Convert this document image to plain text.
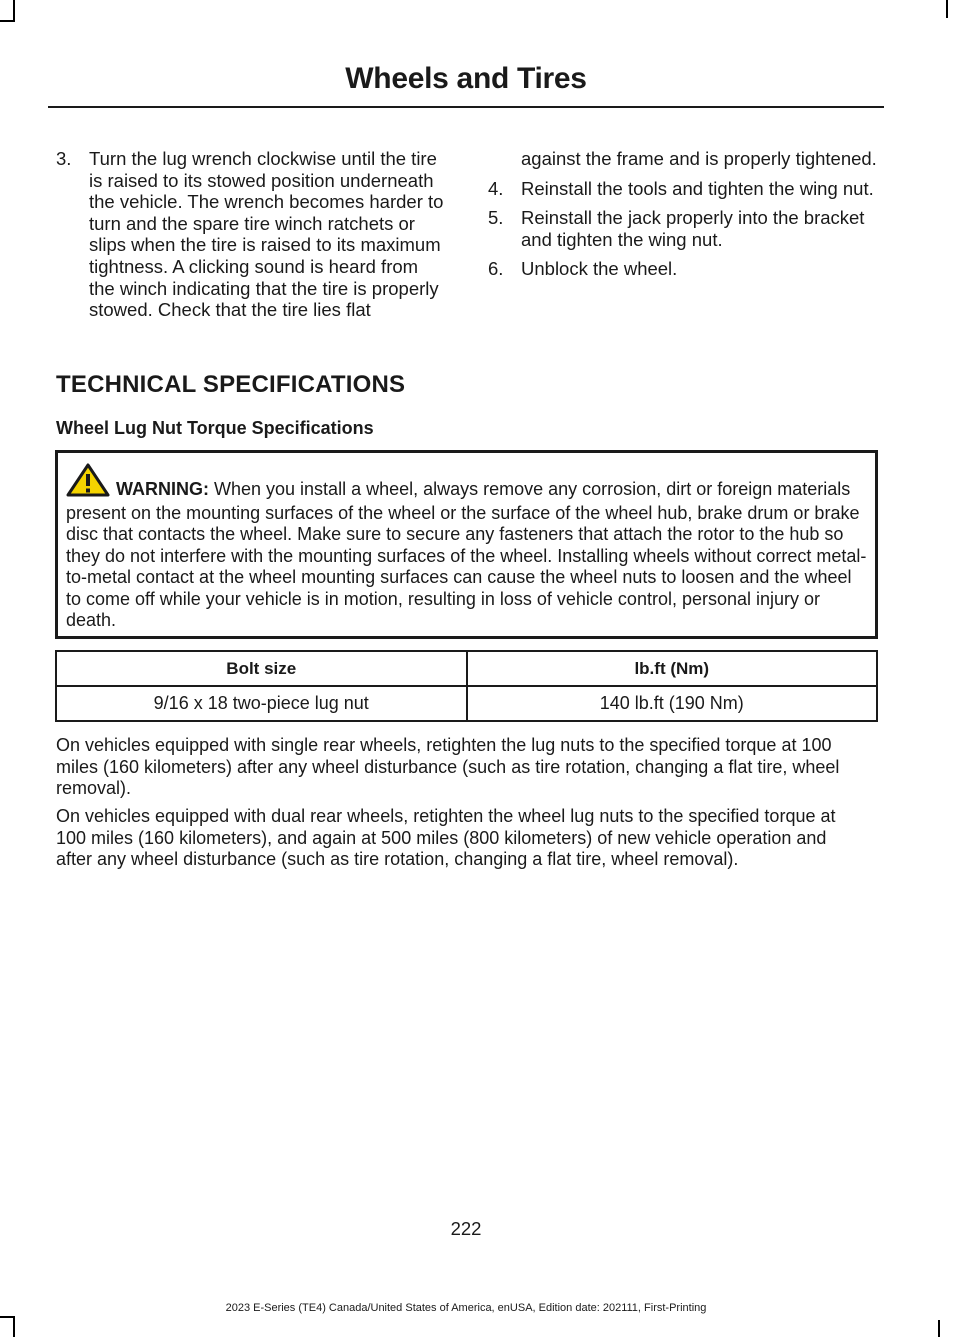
Wheels and Tires
3. Turn the lug wrench clockwise until the tire is raised to its stowed position underneath the vehicle. The wrench becomes harder to turn and the spare tire winch ratchets or slips when the tire is raised to its maximum tightness. A clicking sound is heard from the winch indicating that the tire is properly stowed. Check that the tire lies flat
against the frame and is properly tightened.
4. Reinstall the tools and tighten the wing nut.
5. Reinstall the jack properly into the bracket and tighten the wing nut.
6. Unblock the wheel.
TECHNICAL SPECIFICATIONS
Wheel Lug Nut Torque Specifications
WARNING: When you install a wheel, always remove any corrosion, dirt or foreign materials present on the mounting surfaces of the wheel or the surface of the wheel hub, brake drum or brake disc that contacts the wheel. Make sure to secure any fasteners that attach the rotor to the hub so they do not interfere with the mounting surfaces of the wheel. Installing wheels without correct metal-to-metal contact at the wheel mounting surfaces can cause the wheel nuts to loosen and the wheel to come off while your vehicle is in motion, resulting in loss of vehicle control, personal injury or death.
Bolt size	lb.ft (Nm)
9/16 x 18 two-piece lug nut	140 lb.ft (190 Nm)
On vehicles equipped with single rear wheels, retighten the lug nuts to the specified torque at 100 miles (160 kilometers) after any wheel disturbance (such as tire rotation, changing a flat tire, wheel removal).
On vehicles equipped with dual rear wheels, retighten the wheel lug nuts to the specified torque at 100 miles (160 kilometers), and again at 500 miles (800 kilometers) of new vehicle operation and after any wheel disturbance (such as tire rotation, changing a flat tire, wheel removal).
222
2023 E-Series (TE4) Canada/United States of America, enUSA, Edition date: 202111, First-Printing
